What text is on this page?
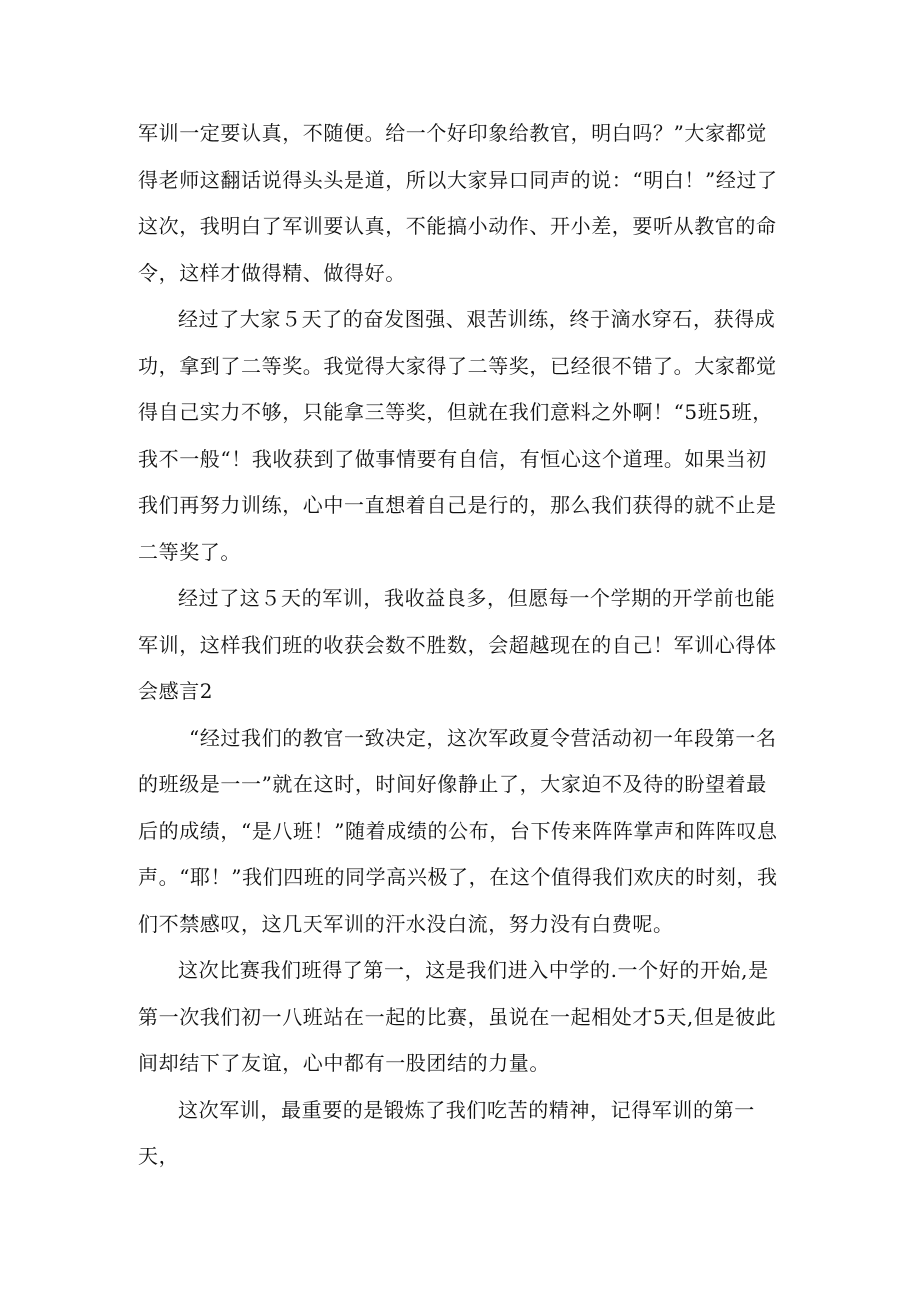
军训一定要认真，不随便。给一个好印象给教官，明白吗？”大家都觉得老师这翻话说得头头是道，所以大家异口同声的说：“明白！”经过了这次，我明白了军训要认真，不能搞小动作、开小差，要听从教官的命令，这样才做得精、做得好。

经过了大家５天了的奋发图强、艰苦训练，终于滴水穿石，获得成功，拿到了二等奖。我觉得大家得了二等奖，已经很不错了。大家都觉得自己实力不够，只能拿三等奖，但就在我们意料之外啊！“5班5班，我不一般“！我收获到了做事情要有自信，有恒心这个道理。如果当初我们再努力训练，心中一直想着自己是行的，那么我们获得的就不止是二等奖了。

经过了这５天的军训，我收益良多，但愿每一个学期的开学前也能军训，这样我们班的收获会数不胜数，会超越现在的自己！军训心得体会感言2

“经过我们的教官一致决定，这次军政夏令营活动初一年段第一名的班级是一一”就在这时，时间好像静止了，大家迫不及待的盼望着最后的成绩，“是八班！”随着成绩的公布，台下传来阵阵掌声和阵阵叹息声。“耶！”我们四班的同学高兴极了，在这个值得我们欢庆的时刻，我们不禁感叹，这几天军训的汗水没白流，努力没有白费呢。

这次比赛我们班得了第一，这是我们进入中学的.一个好的开始,是第一次我们初一八班站在一起的比赛，虽说在一起相处才5天,但是彼此间却结下了友谊，心中都有一股团结的力量。

这次军训，最重要的是锻炼了我们吃苦的精神，记得军训的第一天，
